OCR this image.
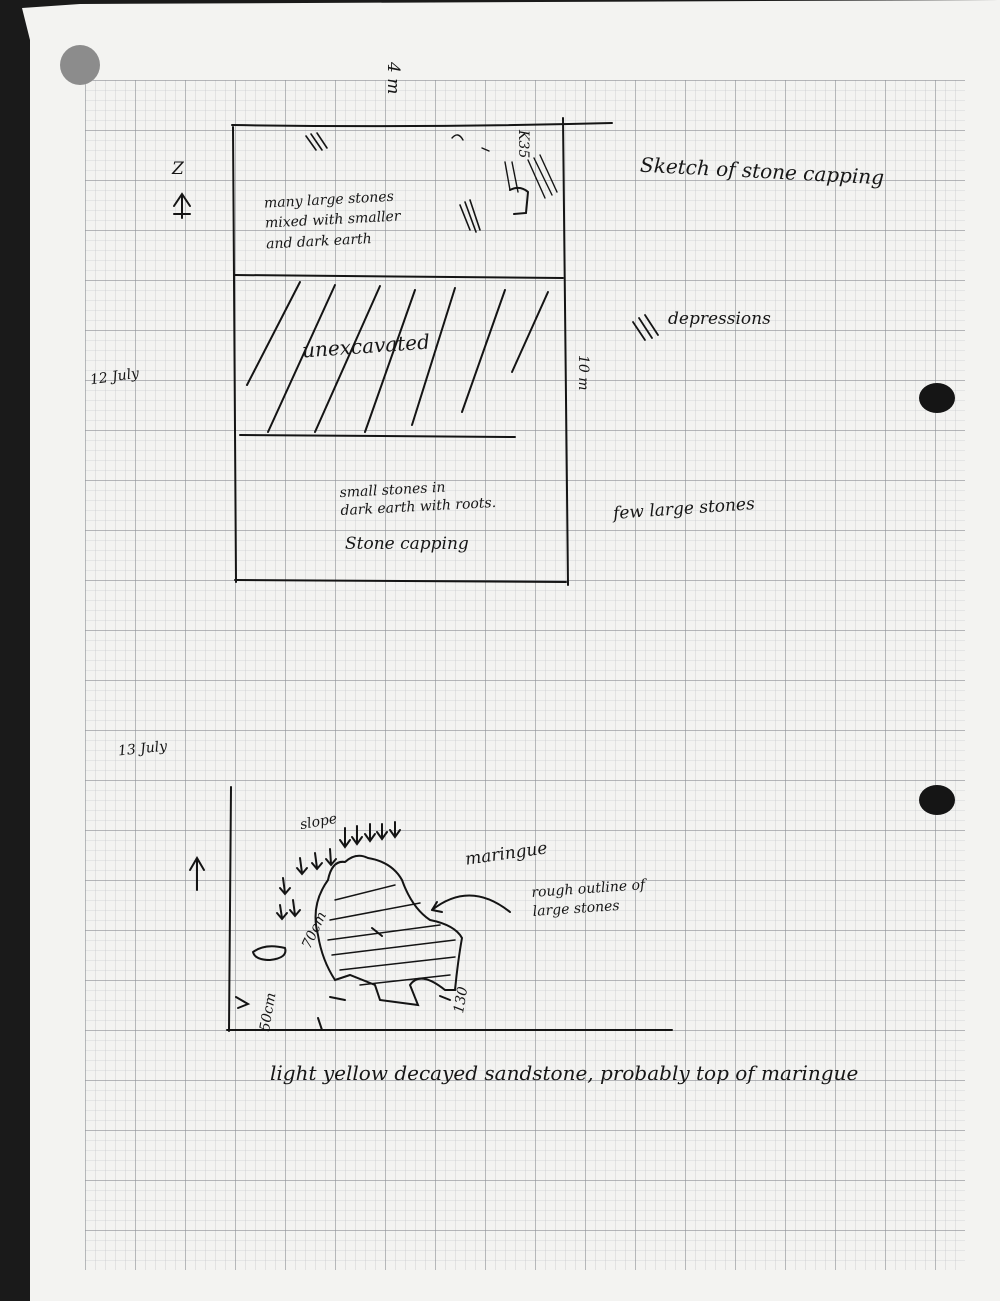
4 m
Z	Sketch of stone capping
many large stones
mixed with smaller
and dark earth
K35
depressions
unexcavated
12 July	10 m
small stones in
dark earth with roots.	few large stones
Stone capping
13 July
slope
maringue
rough outline of
large stones
70cm
50cm	130
light yellow decayed sandstone, probably top of maringue
